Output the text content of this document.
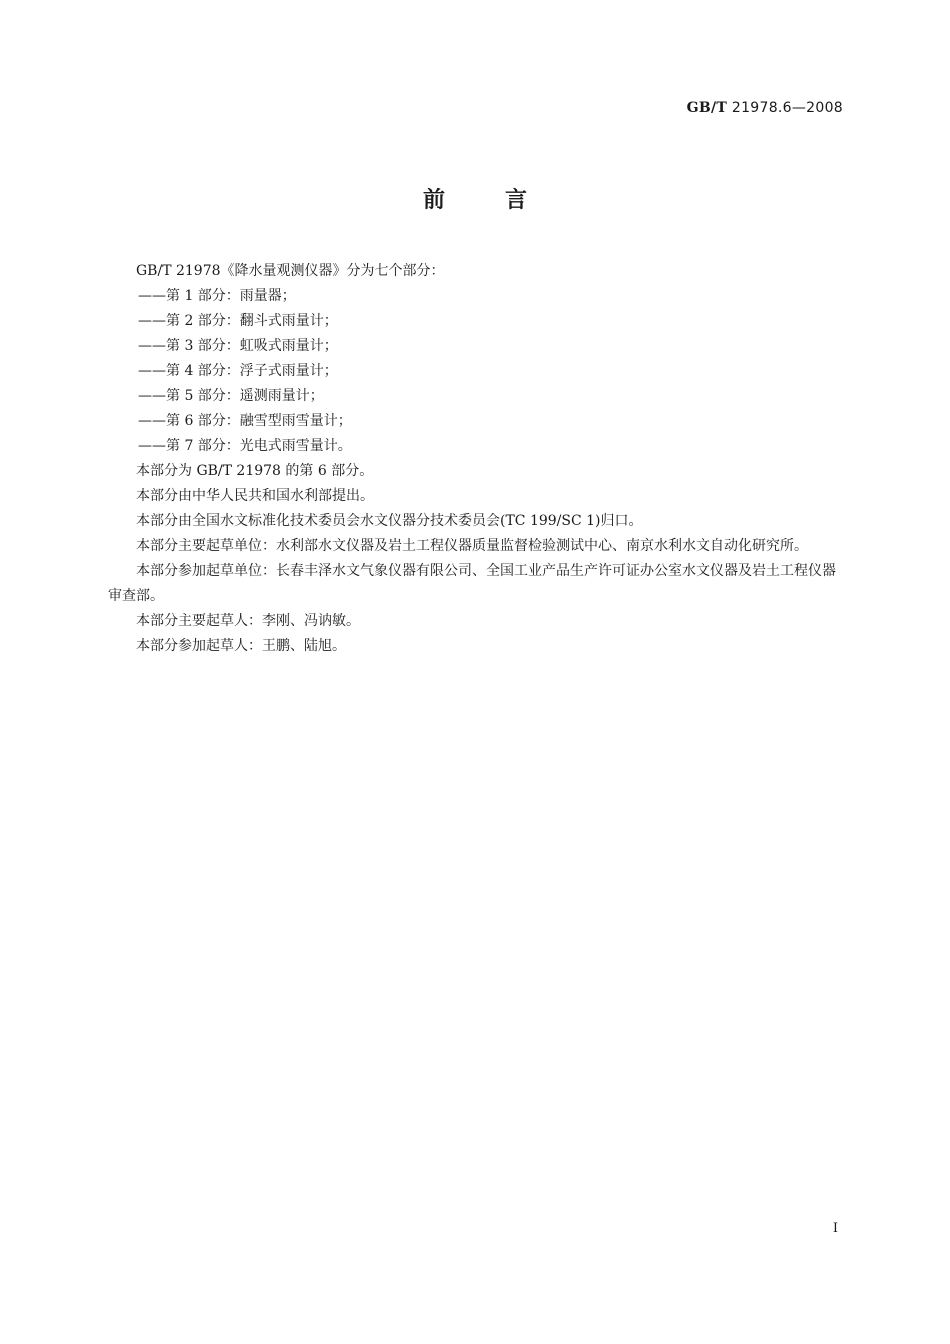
GB/T 21978.6—2008
前言

GB/T 21978《降水量观测仪器》分为七个部分：

——第 1 部分：雨量器；

——第 2 部分：翻斗式雨量计；

——第 3 部分：虹吸式雨量计；

——第 4 部分：浮子式雨量计；

——第 5 部分：遥测雨量计；

——第 6 部分：融雪型雨雪量计；

——第 7 部分：光电式雨雪量计。

本部分为 GB/T 21978 的第 6 部分。

本部分由中华人民共和国水利部提出。

本部分由全国水文标准化技术委员会水文仪器分技术委员会(TC 199/SC 1)归口。

本部分主要起草单位：水利部水文仪器及岩土工程仪器质量监督检验测试中心、南京水利水文自动化研究所。

本部分参加起草单位：长春丰泽水文气象仪器有限公司、全国工业产品生产许可证办公室水文仪器及岩土工程仪器审查部。

本部分主要起草人：李刚、冯讷敏。

本部分参加起草人：王鹏、陆旭。

I
